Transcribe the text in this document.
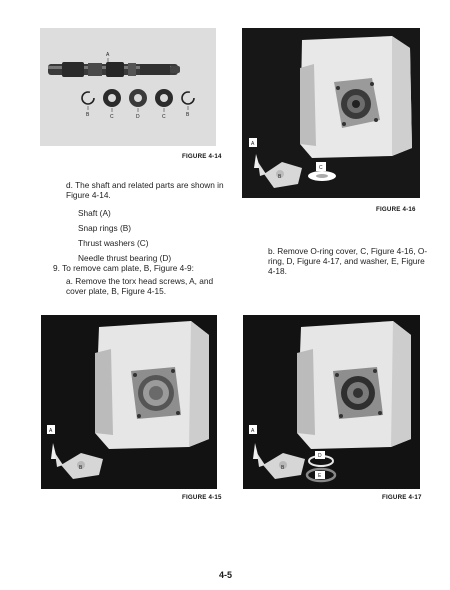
A
B	C	D	C	B
FIGURE 4-14
C
A
B
FIGURE 4-16
d. The shaft and related parts are shown in Figure 4-14.
Shaft (A)
Snap rings (B)
Thrust washers (C)
Needle thrust bearing (D)
9. To remove cam plate, B, Figure 4-9:
a. Remove the torx head screws, A, and cover plate, B, Figure 4-15.
b. Remove O-ring cover, C, Figure 4-16, O-ring, D, Figure 4-17, and washer, E, Figure 4-18.
A
B
FIGURE 4-15
D
E
A
B
FIGURE 4-17
4-5
